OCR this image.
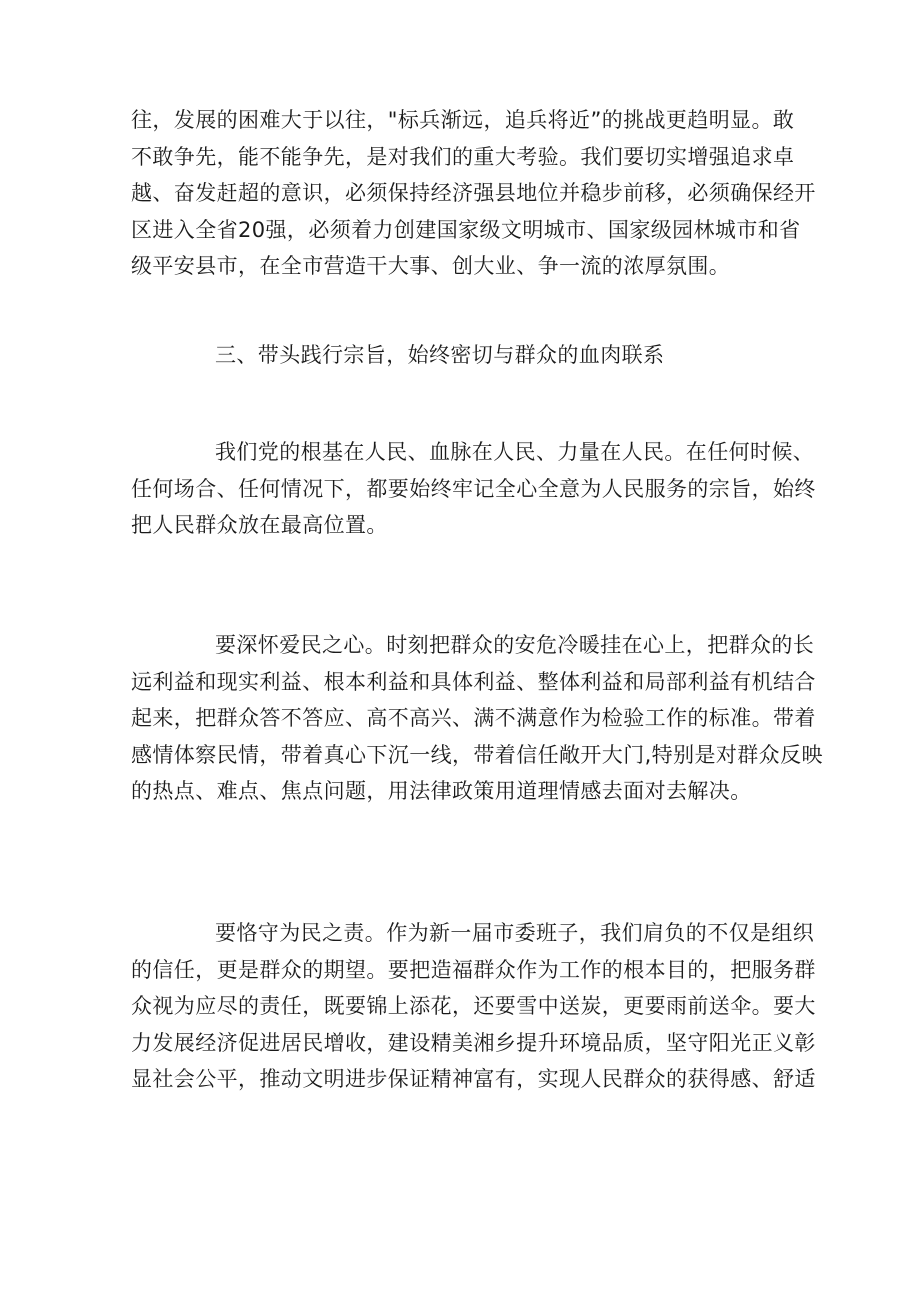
往，发展的困难大于以往，"标兵渐远，追兵将近”的挑战更趋明显。敢
不敢争先，能不能争先，是对我们的重大考验。我们要切实增强追求卓
越、奋发赶超的意识，必须保持经济强县地位并稳步前移，必须确保经开
区进入全省20强，必须着力创建国家级文明城市、国家级园林城市和省
级平安县市，在全市营造干大事、创大业、争一流的浓厚氛围。
三、带头践行宗旨，始终密切与群众的血肉联系
我们党的根基在人民、血脉在人民、力量在人民。在任何时候、
任何场合、任何情况下，都要始终牢记全心全意为人民服务的宗旨，始终
把人民群众放在最高位置。
要深怀爱民之心。时刻把群众的安危冷暖挂在心上，把群众的长
远利益和现实利益、根本利益和具体利益、整体利益和局部利益有机结合
起来，把群众答不答应、高不高兴、满不满意作为检验工作的标准。带着
感情体察民情，带着真心下沉一线，带着信任敞开大门,特别是对群众反映
的热点、难点、焦点问题，用法律政策用道理情感去面对去解决。
要恪守为民之责。作为新一届市委班子，我们肩负的不仅是组织
的信任，更是群众的期望。要把造福群众作为工作的根本目的，把服务群
众视为应尽的责任，既要锦上添花，还要雪中送炭，更要雨前送伞。要大
力发展经济促进居民增收，建设精美湘乡提升环境品质，坚守阳光正义彰
显社会公平，推动文明进步保证精神富有，实现人民群众的获得感、舒适
